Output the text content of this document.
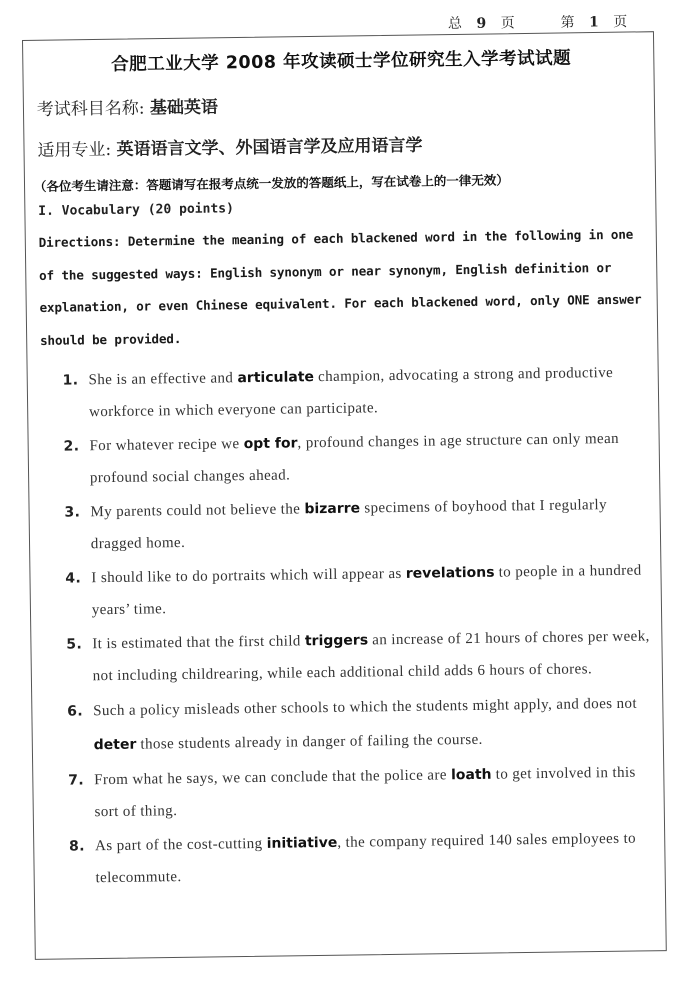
总 9 页	第 1 页
合肥工业大学 2008 年攻读硕士学位研究生入学考试试题
考试科目名称: 基础英语
适用专业: 英语语言文学、外国语言学及应用语言学
（各位考生请注意：答题请写在报考点统一发放的答题纸上，写在试卷上的一律无效）
I. Vocabulary (20 points)
Directions: Determine the meaning of each blackened word in the following in one of the suggested ways: English synonym or near synonym, English definition or explanation, or even Chinese equivalent. For each blackened word, only ONE answer should be provided.
1. She is an effective and articulate champion, advocating a strong and productive workforce in which everyone can participate.
2. For whatever recipe we opt for, profound changes in age structure can only mean profound social changes ahead.
3. My parents could not believe the bizarre specimens of boyhood that I regularly dragged home.
4. I should like to do portraits which will appear as revelations to people in a hundred years’ time.
5. It is estimated that the first child triggers an increase of 21 hours of chores per week, not including childrearing, while each additional child adds 6 hours of chores.
6. Such a policy misleads other schools to which the students might apply, and does not deter those students already in danger of failing the course.
7. From what he says, we can conclude that the police are loath to get involved in this sort of thing.
8. As part of the cost-cutting initiative, the company required 140 sales employees to telecommute.
